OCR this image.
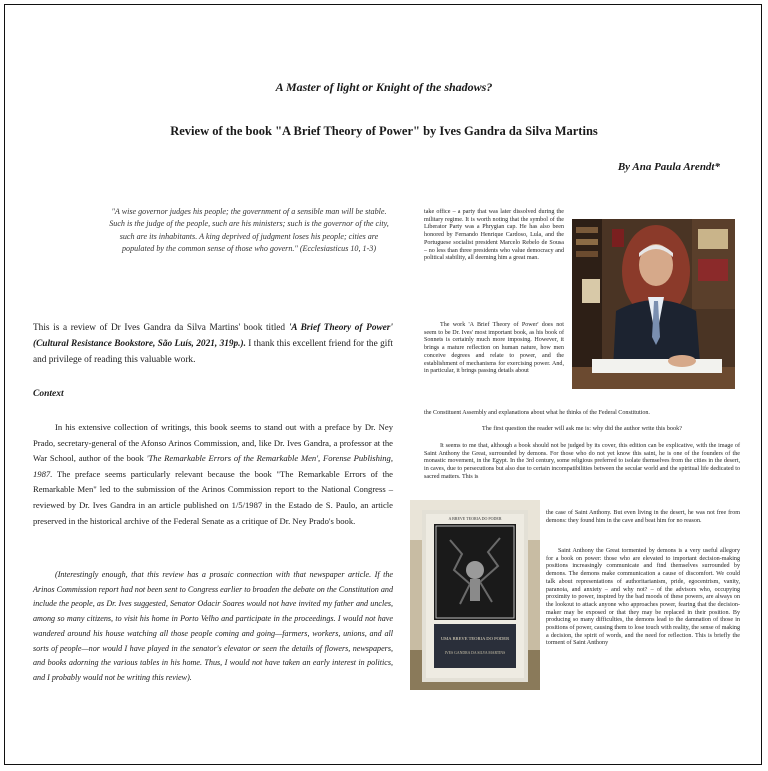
A Master of light or Knight of the shadows?
Review of the book "A Brief Theory of Power" by Ives Gandra da Silva Martins
By Ana Paula Arendt*
"A wise governor judges his people; the government of a sensible man will be stable. Such is the judge of the people, such are his ministers; such is the governor of the city, such are its inhabitants. A king deprived of judgment loses his people; cities are populated by the common sense of those who govern." (Ecclesiasticus 10, 1-3)
This is a review of Dr Ives Gandra da Silva Martins' book titled 'A Brief Theory of Power' (Cultural Resistance Bookstore, São Luís, 2021, 319p.). I thank this excellent friend for the gift and privilege of reading this valuable work.
Context
In his extensive collection of writings, this book seems to stand out with a preface by Dr. Ney Prado, secretary-general of the Afonso Arinos Commission, and, like Dr. Ives Gandra, a professor at the War School, author of the book 'The Remarkable Errors of the Remarkable Men', Forense Publishing, 1987. The preface seems particularly relevant because the book "The Remarkable Errors of the Remarkable Men" led to the submission of the Arinos Commission report to the National Congress – reviewed by Dr. Ives Gandra in an article published on 1/5/1987 in the Estado de S. Paulo, an article preserved in the historical archive of the Federal Senate as a critique of Dr. Ney Prado's book.
(Interestingly enough, that this review has a prosaic connection with that newspaper article. If the Arinos Commission report had not been sent to Congress earlier to broaden the debate on the Constitution and include the people, as Dr. Ives suggested, Senator Odacir Soares would not have invited my father and uncles, among so many citizens, to visit his home in Porto Velho and participate in the proceedings. I would not have wandered around his house watching all those people coming and going—farmers, workers, unions, and all sorts of people—nor would I have played in the senator's elevator or seen the details of flowers, newspapers, and books adorning the various tables in his home. Thus, I would not have taken an early interest in politics, and I probably would not be writing this review).
take office – a party that was later dissolved during the military regime. It is worth noting that the symbol of the Liberator Party was a Phrygian cap. He has also been honored by Fernando Henrique Cardoso, Lula, and the Portuguese socialist president Marcelo Rebelo de Sousa – no less than three presidents who value democracy and political stability, all deeming him a great man.
The work 'A Brief Theory of Power' does not seem to be Dr. Ives' most important book, as his book of Sonnets is certainly much more imposing. However, it brings a mature reflection on human nature, how men conceive degrees and relate to power, and the establishment of mechanisms for exercising power. And, in particular, it brings passing details about
the Constituent Assembly and explanations about what he thinks of the Federal Constitution.
The first question the reader will ask me is: why did the author write this book?
It seems to me that, although a book should not be judged by its cover, this edition can be explicative, with the image of Saint Anthony the Great, surrounded by demons. For those who do not yet know this saint, he is one of the founders of the monastic movement, in the Egypt. In the 3rd century, some religious preferred to isolate themselves from the cities in the desert, in caves, due to persecutions but also due to certain incompatibilities between the secular world and the spiritual life dedicated to sacred matters. This is
A BREVE TEORIA DO PODER
UMA BREVE TEORIA DO PODER
IVES GANDRA DA SILVA MARTINS
the case of Saint Anthony. But even living in the desert, he was not free from demons: they found him in the cave and beat him for no reason.
Saint Anthony the Great tormented by demons is a very useful allegory for a book on power: those who are elevated to important decision-making positions increasingly communicate and find themselves surrounded by demons. The demons make communication a cause of discomfort. We could talk about representations of authoritarianism, pride, egocentrism, vanity, paranoia, and anxiety – and why not? – of the advisors who, occupying proximity to power, inspired by the bad moods of these powers, are always on the lookout to attack anyone who approaches power, fearing that the decision-maker may be exposed or that they may be replaced in their position. By producing so many difficulties, the demons lead to the damnation of those in positions of power, causing them to lose touch with reality, the sense of making a decision, the spirit of words, and the need for reflection. This is briefly the torment of Saint Anthony
